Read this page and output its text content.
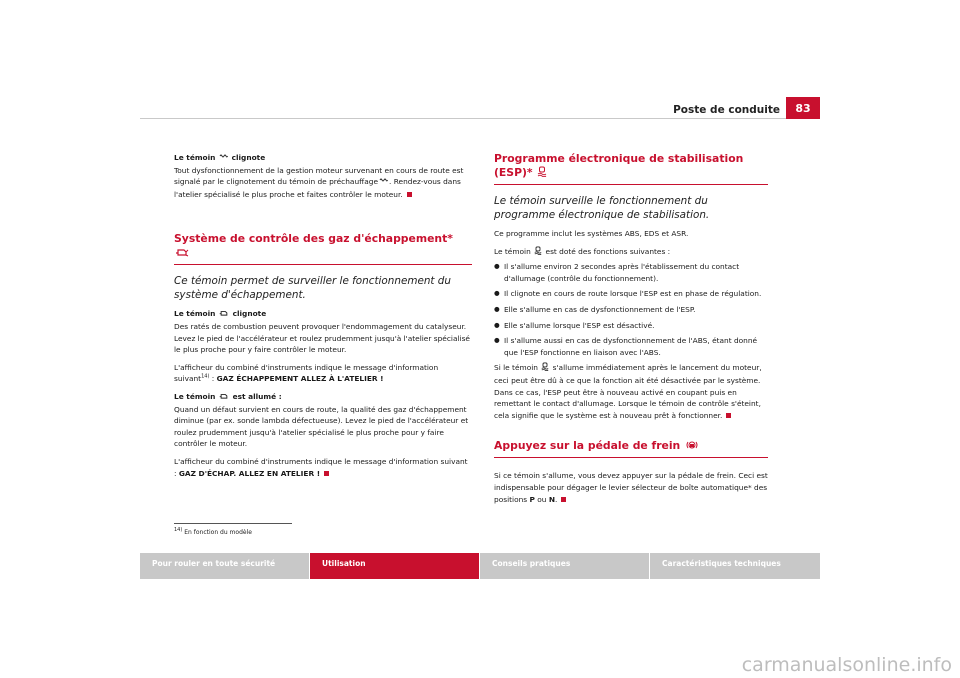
Poste de conduite	83
Le témoin clignote
Tout dysfonctionnement de la gestion moteur survenant en cours de route est signalé par le clignotement du témoin de préchauffage . Rendez-vous dans l'atelier spécialisé le plus proche et faites contrôler le moteur.
Système de contrôle des gaz d'échappement*
Ce témoin permet de surveiller le fonctionnement du système d'échappement.
Le témoin clignote
Des ratés de combustion peuvent provoquer l'endommagement du catalyseur. Levez le pied de l'accélérateur et roulez prudemment jusqu'à l'atelier spécialisé le plus proche pour y faire contrôler le moteur.
L'afficheur du combiné d'instruments indique le message d'information suivant$^{14)}$ : GAZ ÉCHAPPEMENT ALLEZ À L'ATELIER !
Le témoin est allumé :
Quand un défaut survient en cours de route, la qualité des gaz d'échappement diminue (par ex. sonde lambda défectueuse). Levez le pied de l'accélérateur et roulez prudemment jusqu'à l'atelier spécialisé le plus proche pour y faire contrôler le moteur.
L'afficheur du combiné d'instruments indique le message d'information suivant : GAZ D'ÉCHAP. ALLEZ EN ATELIER !
Programme électronique de stabilisation (ESP)*
Le témoin surveille le fonctionnement du programme électronique de stabilisation.
Ce programme inclut les systèmes ABS, EDS et ASR.
Le témoin est doté des fonctions suivantes :
● Il s'allume environ 2 secondes après l'établissement du contact d'allumage (contrôle du fonctionnement).
● Il clignote en cours de route lorsque l'ESP est en phase de régulation.
● Elle s'allume en cas de dysfonctionnement de l'ESP.
● Elle s'allume lorsque l'ESP est désactivé.
● Il s'allume aussi en cas de dysfonctionnement de l'ABS, étant donné que l'ESP fonctionne en liaison avec l'ABS.
Si le témoin s'allume immédiatement après le lancement du moteur, ceci peut être dû à ce que la fonction ait été désactivée par le système. Dans ce cas, l'ESP peut être à nouveau activé en coupant puis en remettant le contact d'allumage. Lorsque le témoin de contrôle s'éteint, cela signifie que le système est à nouveau prêt à fonctionner.
Appuyez sur la pédale de frein
Si ce témoin s'allume, vous devez appuyer sur la pédale de frein. Ceci est indispensable pour dégager le levier sélecteur de boîte automatique* des positions P ou N.
$^{14)}$ En fonction du modèle
Pour rouler en toute sécurité	Utilisation	Conseils pratiques	Caractéristiques techniques
carmanualsonline.info
